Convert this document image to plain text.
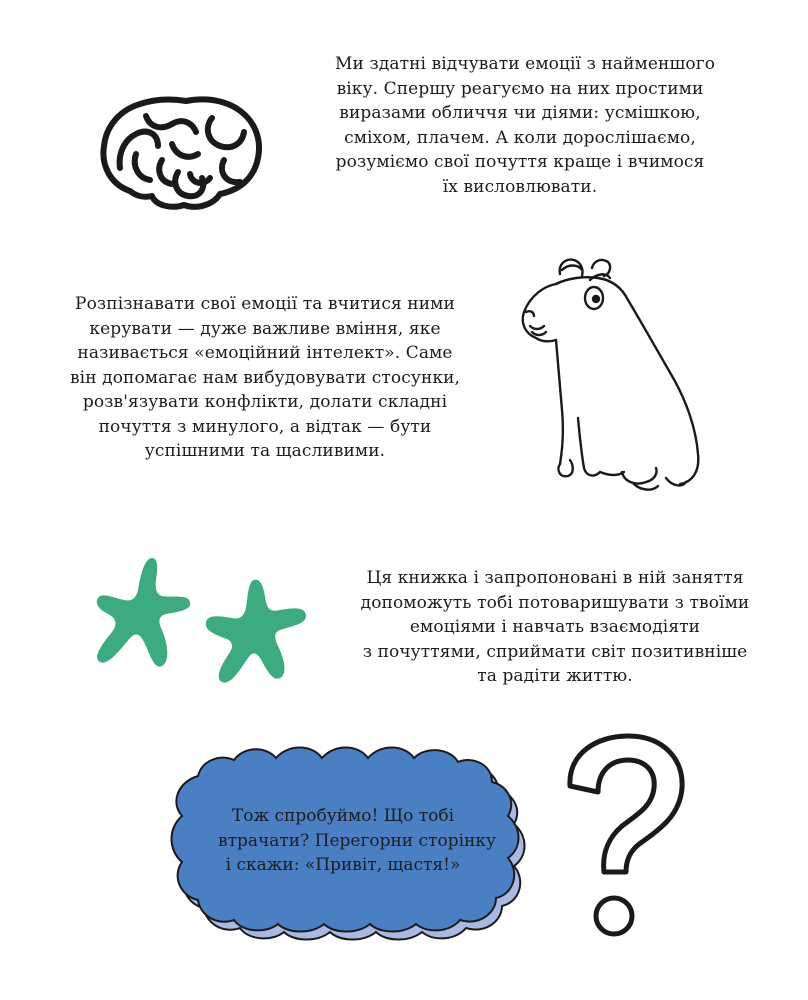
Ми здатні відчувати емоції з найменшого
віку. Спершу реагуємо на них простими
виразами обличчя чи діями: усмішкою,
сміхом, плачем. А коли дорослішаємо,
розуміємо свої почуття краще і вчимося
їх висловлювати.
Розпізнавати свої емоції та вчитися ними
керувати — дуже важливе вміння, яке
називається «емоційний інтелект». Саме
він допомагає нам вибудовувати стосунки,
розв'язувати конфлікти, долати складні
почуття з минулого, а відтак — бути
успішними та щасливими.
Ця книжка і запропоновані в ній заняття
допоможуть тобі потоваришувати з твоїми
емоціями і навчать взаємодіяти
з почуттями, сприймати світ позитивніше
та радіти життю.
Тож спробуймо! Що тобі
втрачати? Перегорни сторінку
і скажи: «Привіт, щастя!»
